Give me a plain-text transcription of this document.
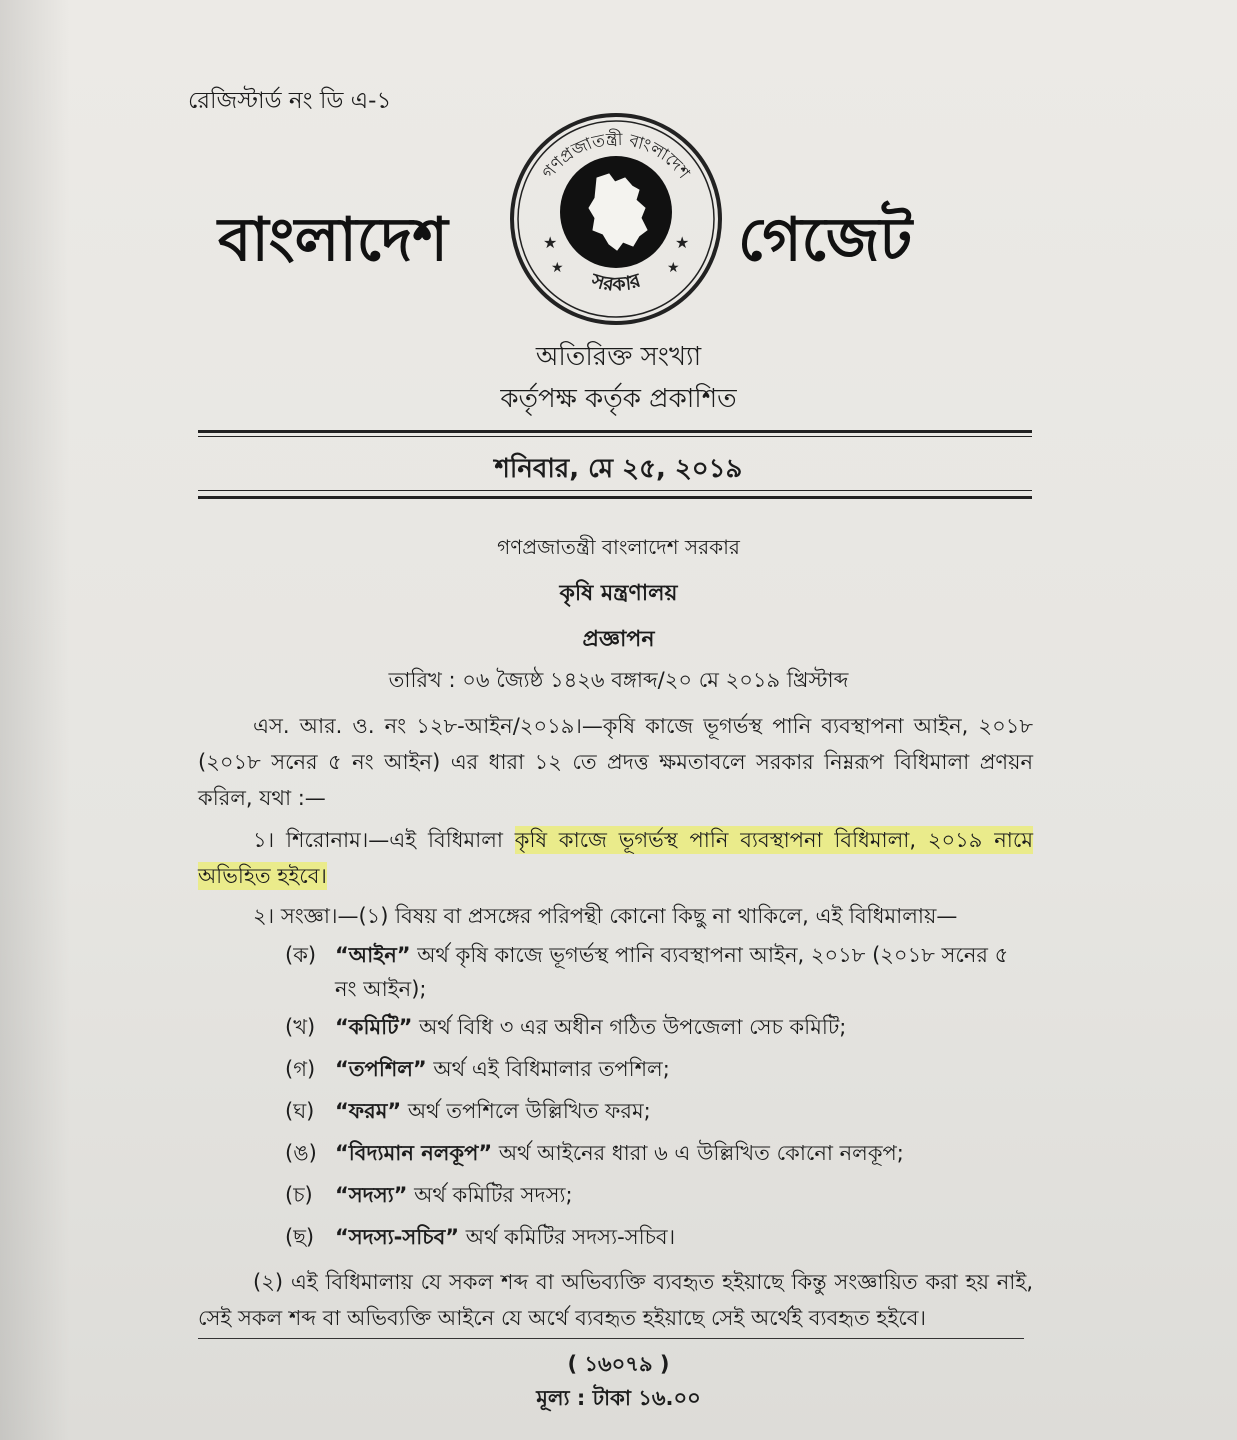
রেজিস্টার্ড নং ডি এ-১
বাংলাদেশ
গণপ্রজাতন্ত্রী বাংলাদেশ
সরকার
★	★
★	★ গেজেট
অতিরিক্ত সংখ্যা
কর্তৃপক্ষ কর্তৃক প্রকাশিত
শনিবার, মে ২৫, ২০১৯
গণপ্রজাতন্ত্রী বাংলাদেশ সরকার
কৃষি মন্ত্রণালয়
প্রজ্ঞাপন
তারিখ : ০৬ জ্যৈষ্ঠ ১৪২৬ বঙ্গাব্দ/২০ মে ২০১৯ খ্রিস্টাব্দ
এস. আর. ও. নং ১২৮-আইন/২০১৯।—কৃষি কাজে ভূগর্ভস্থ পানি ব্যবস্থাপনা আইন, ২০১৮ (২০১৮ সনের ৫ নং আইন) এর ধারা ১২ তে প্রদত্ত ক্ষমতাবলে সরকার নিম্নরূপ বিধিমালা প্রণয়ন করিল, যথা :—
১। শিরোনাম।—এই বিধিমালা কৃষি কাজে ভূগর্ভস্থ পানি ব্যবস্থাপনা বিধিমালা, ২০১৯ নামে অভিহিত হইবে।
২। সংজ্ঞা।—(১) বিষয় বা প্রসঙ্গের পরিপন্থী কোনো কিছু না থাকিলে, এই বিধিমালায়—
(ক) “আইন” অর্থ কৃষি কাজে ভূগর্ভস্থ পানি ব্যবস্থাপনা আইন, ২০১৮ (২০১৮ সনের ৫ নং আইন);
(খ) “কমিটি” অর্থ বিধি ৩ এর অধীন গঠিত উপজেলা সেচ কমিটি;
(গ) “তপশিল” অর্থ এই বিধিমালার তপশিল;
(ঘ) “ফরম” অর্থ তপশিলে উল্লিখিত ফরম;
(ঙ) “বিদ্যমান নলকূপ” অর্থ আইনের ধারা ৬ এ উল্লিখিত কোনো নলকূপ;
(চ)	“সদস্য” অর্থ কমিটির সদস্য;
(ছ) “সদস্য-সচিব” অর্থ কমিটির সদস্য-সচিব।
(২) এই বিধিমালায় যে সকল শব্দ বা অভিব্যক্তি ব্যবহৃত হইয়াছে কিন্তু সংজ্ঞায়িত করা হয় নাই, সেই সকল শব্দ বা অভিব্যক্তি আইনে যে অর্থে ব্যবহৃত হইয়াছে সেই অর্থেই ব্যবহৃত হইবে।
( ১৬০৭৯ )
মূল্য : টাকা ১৬.০০
